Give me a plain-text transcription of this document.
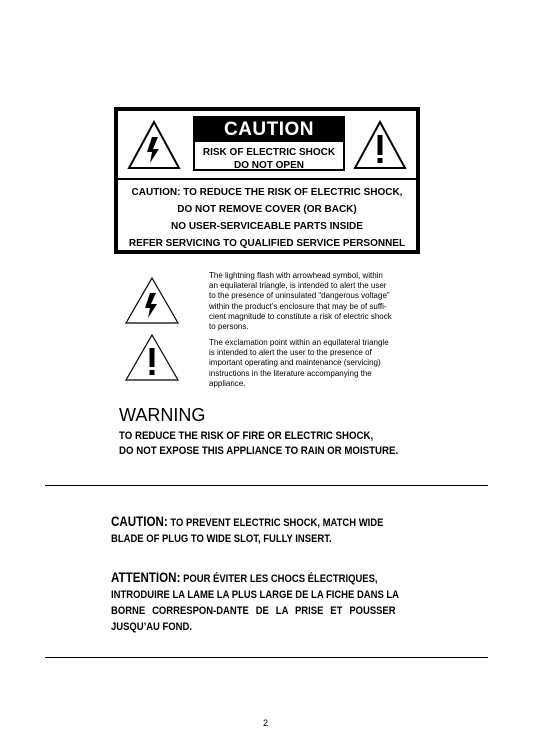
CAUTION
RISK OF ELECTRIC SHOCK
DO NOT OPEN
CAUTION: TO REDUCE THE RISK OF ELECTRIC SHOCK,
DO NOT REMOVE COVER (OR BACK)
NO USER-SERVICEABLE PARTS INSIDE
REFER SERVICING TO QUALIFIED SERVICE PERSONNEL
The lightning flash with arrowhead symbol, within
an equilateral triangle, is intended to alert the user
to the presence of uninsulated “dangerous voltage”
within the product’s enclosure that may be of suffi-
cient magnitude to constitute a risk of electric shock
to persons.
The exclamation point within an equilateral triangle
is intended to alert the user to the presence of
important operating and maintenance (servicing)
instructions in the literature accompanying the
appliance.
WARNING
TO REDUCE THE RISK OF FIRE OR ELECTRIC SHOCK,
DO NOT EXPOSE THIS APPLIANCE TO RAIN OR MOISTURE.
CAUTION: TO PREVENT ELECTRIC SHOCK, MATCH WIDE
BLADE OF PLUG TO WIDE SLOT, FULLY INSERT.
ATTENTION: POUR ÉVITER LES CHOCS ÉLECTRIQUES,
INTRODUIRE LA LAME LA PLUS LARGE DE LA FICHE DANS LA
BORNE CORRESPON-DANTE DE LA PRISE ET POUSSER
JUSQU’AU FOND.
2
